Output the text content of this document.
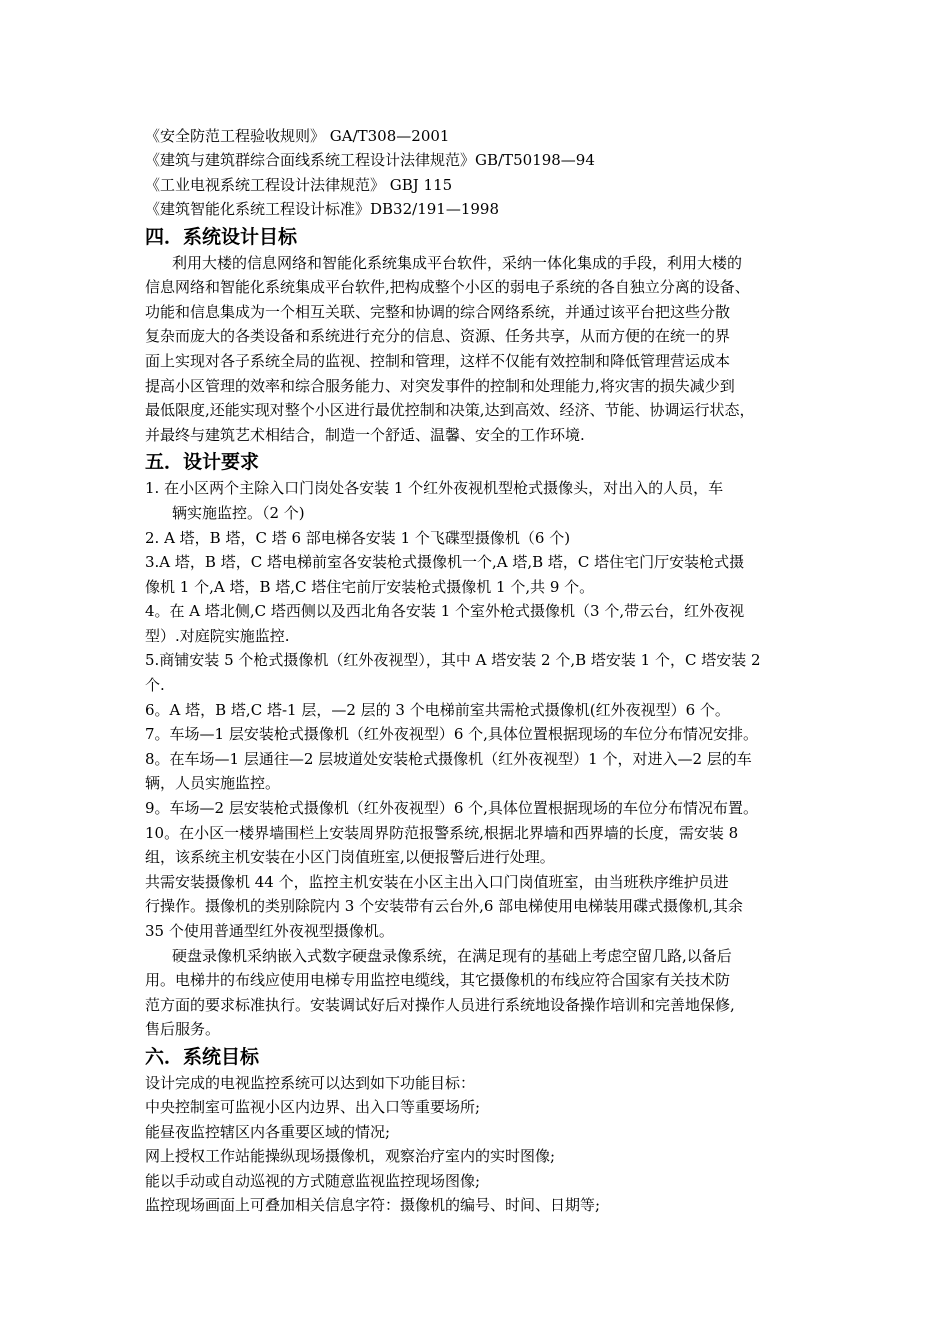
《安全防范工程验收规则》 GA/T308—2001
《建筑与建筑群综合面线系统工程设计法律规范》GB/T50198—94
《工业电视系统工程设计法律规范》 GBJ 115
《建筑智能化系统工程设计标准》DB32/191—1998
四．系统设计目标
利用大楼的信息网络和智能化系统集成平台软件，采纳一体化集成的手段，利用大楼的
信息网络和智能化系统集成平台软件,把构成整个小区的弱电子系统的各自独立分离的设备、
功能和信息集成为一个相互关联、完整和协调的综合网络系统，并通过该平台把这些分散
复杂而庞大的各类设备和系统进行充分的信息、资源、任务共享，从而方便的在统一的界
面上实现对各子系统全局的监视、控制和管理，这样不仅能有效控制和降低管理营运成本
提高小区管理的效率和综合服务能力、对突发事件的控制和处理能力,将灾害的损失减少到
最低限度,还能实现对整个小区进行最优控制和决策,达到高效、经济、节能、协调运行状态，
并最终与建筑艺术相结合，制造一个舒适、温馨、安全的工作环境.
五．设计要求
1. 在小区两个主除入口门岗处各安装 1 个红外夜视机型枪式摄像头，对出入的人员，车
辆实施监控。（2 个)
2. A 塔，B 塔，C 塔 6 部电梯各安装 1 个飞碟型摄像机（6 个)
3.A 塔，B 塔，C 塔电梯前室各安装枪式摄像机一个,A 塔,B 塔，C 塔住宅门厅安装枪式摄
像机 1 个,A 塔，B 塔,C 塔住宅前厅安装枪式摄像机 1 个,共 9 个。
4。在 A 塔北侧,C 塔西侧以及西北角各安装 1 个室外枪式摄像机（3 个,带云台，红外夜视
型）.对庭院实施监控.
5.商铺安装 5 个枪式摄像机（红外夜视型），其中 A 塔安装 2 个,B 塔安装 1 个，C 塔安装 2
个.
6。A 塔，B 塔,C 塔-1 层，—2 层的 3 个电梯前室共需枪式摄像机(红外夜视型）6 个。
7。车场—1 层安装枪式摄像机（红外夜视型）6 个,具体位置根据现场的车位分布情况安排。
8。在车场—1 层通往—2 层坡道处安装枪式摄像机（红外夜视型）1 个，对进入—2 层的车
辆，人员实施监控。
9。车场—2 层安装枪式摄像机（红外夜视型）6 个,具体位置根据现场的车位分布情况布置。
10。在小区一楼界墙围栏上安装周界防范报警系统,根据北界墙和西界墙的长度，需安装 8
组，该系统主机安装在小区门岗值班室,以便报警后进行处理。
共需安装摄像机 44 个，监控主机安装在小区主出入口门岗值班室，由当班秩序维护员进
行操作。摄像机的类别除院内 3 个安装带有云台外,6 部电梯使用电梯装用碟式摄像机,其余
35 个使用普通型红外夜视型摄像机。
硬盘录像机采纳嵌入式数字硬盘录像系统，在满足现有的基础上考虑空留几路,以备后
用。电梯井的布线应使用电梯专用监控电缆线，其它摄像机的布线应符合国家有关技术防
范方面的要求标准执行。安装调试好后对操作人员进行系统地设备操作培训和完善地保修,
售后服务。
六．系统目标
设计完成的电视监控系统可以达到如下功能目标：
中央控制室可监视小区内边界、出入口等重要场所;
能昼夜监控辖区内各重要区域的情况;
网上授权工作站能操纵现场摄像机，观察治疗室内的实时图像;
能以手动或自动巡视的方式随意监视监控现场图像;
监控现场画面上可叠加相关信息字符：摄像机的编号、时间、日期等;
